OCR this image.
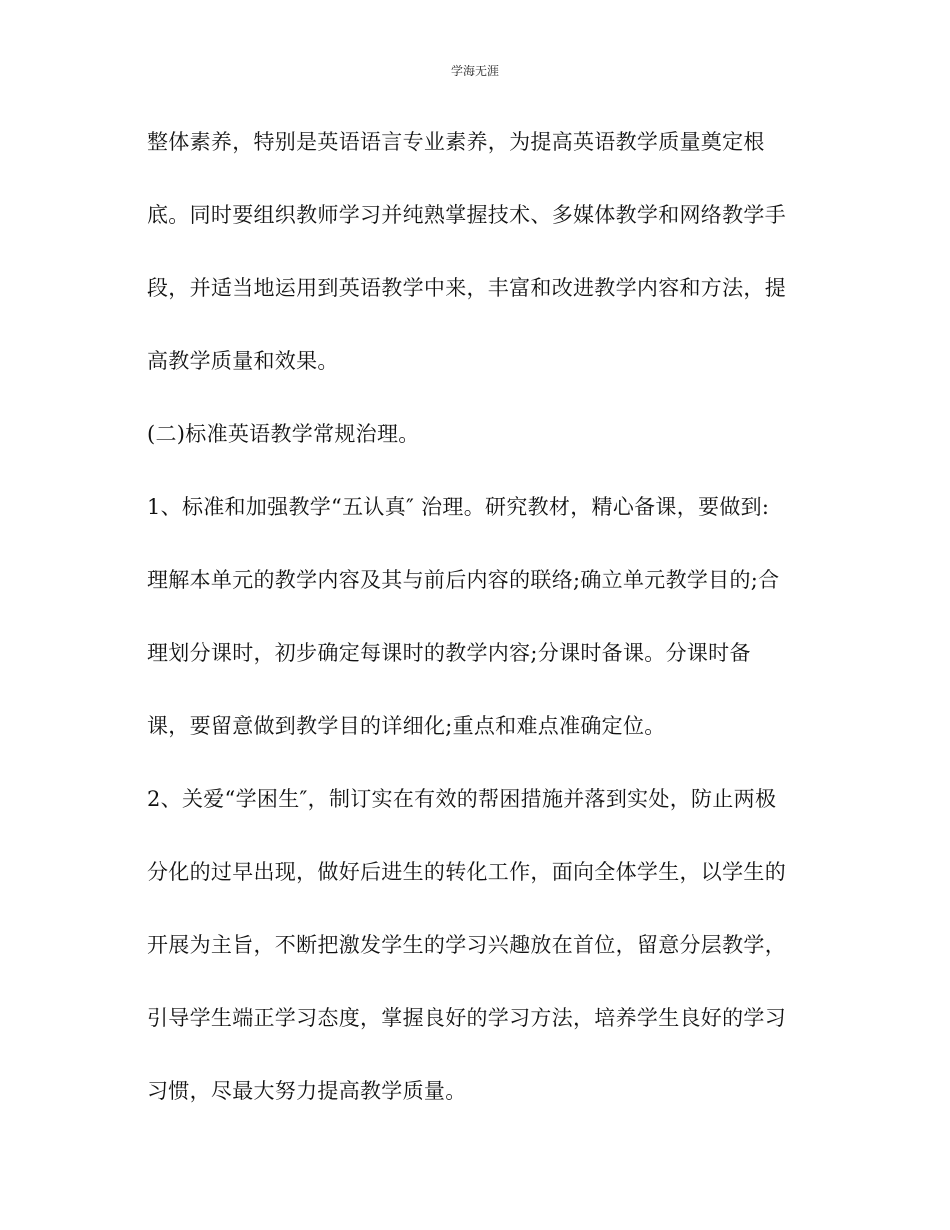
学海无涯
整体素养，特别是英语语言专业素养，为提高英语教学质量奠定根
底。同时要组织教师学习并纯熟掌握技术、多媒体教学和网络教学手
段，并适当地运用到英语教学中来，丰富和改进教学内容和方法，提
高教学质量和效果。
(二)标准英语教学常规治理。
1、标准和加强教学“五认真″ 治理。研究教材，精心备课，要做到:
理解本单元的教学内容及其与前后内容的联络;确立单元教学目的;合
理划分课时，初步确定每课时的教学内容;分课时备课。分课时备
课，要留意做到教学目的详细化;重点和难点准确定位。
2、关爱“学困生″，制订实在有效的帮困措施并落到实处，防止两极
分化的过早出现，做好后进生的转化工作，面向全体学生，以学生的
开展为主旨，不断把激发学生的学习兴趣放在首位，留意分层教学，
引导学生端正学习态度，掌握良好的学习方法，培养学生良好的学习
习惯，尽最大努力提高教学质量。
